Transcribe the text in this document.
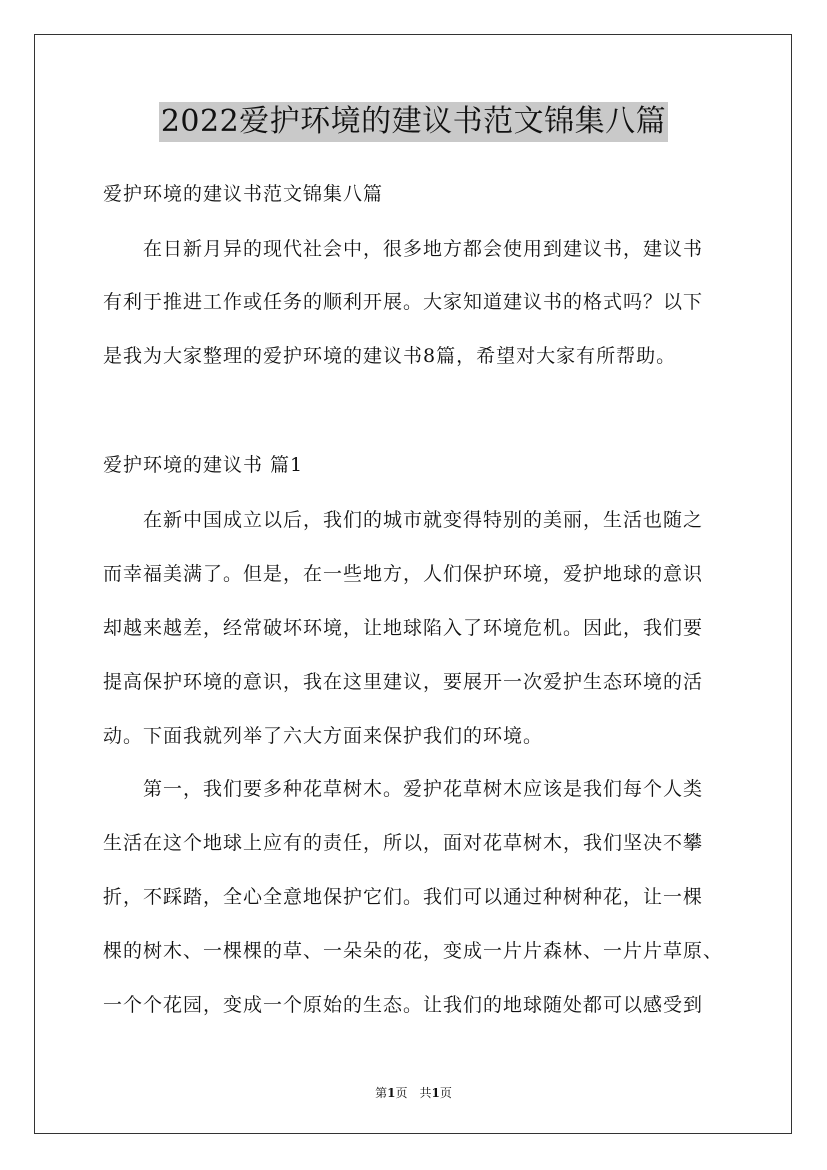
2022爱护环境的建议书范文锦集八篇
爱护环境的建议书范文锦集八篇
　　在日新月异的现代社会中，很多地方都会使用到建议书，建议书
有利于推进工作或任务的顺利开展。大家知道建议书的格式吗？以下
是我为大家整理的爱护环境的建议书8篇，希望对大家有所帮助。
爱护环境的建议书 篇1
　　在新中国成立以后，我们的城市就变得特别的美丽，生活也随之
而幸福美满了。但是，在一些地方，人们保护环境，爱护地球的意识
却越来越差，经常破坏环境，让地球陷入了环境危机。因此，我们要
提高保护环境的意识，我在这里建议，要展开一次爱护生态环境的活
动。下面我就列举了六大方面来保护我们的环境。
　　第一，我们要多种花草树木。爱护花草树木应该是我们每个人类
生活在这个地球上应有的责任，所以，面对花草树木，我们坚决不攀
折，不踩踏，全心全意地保护它们。我们可以通过种树种花，让一棵
棵的树木、一棵棵的草、一朵朵的花，变成一片片森林、一片片草原、
一个个花园，变成一个原始的生态。让我们的地球随处都可以感受到
第1页　共1页
